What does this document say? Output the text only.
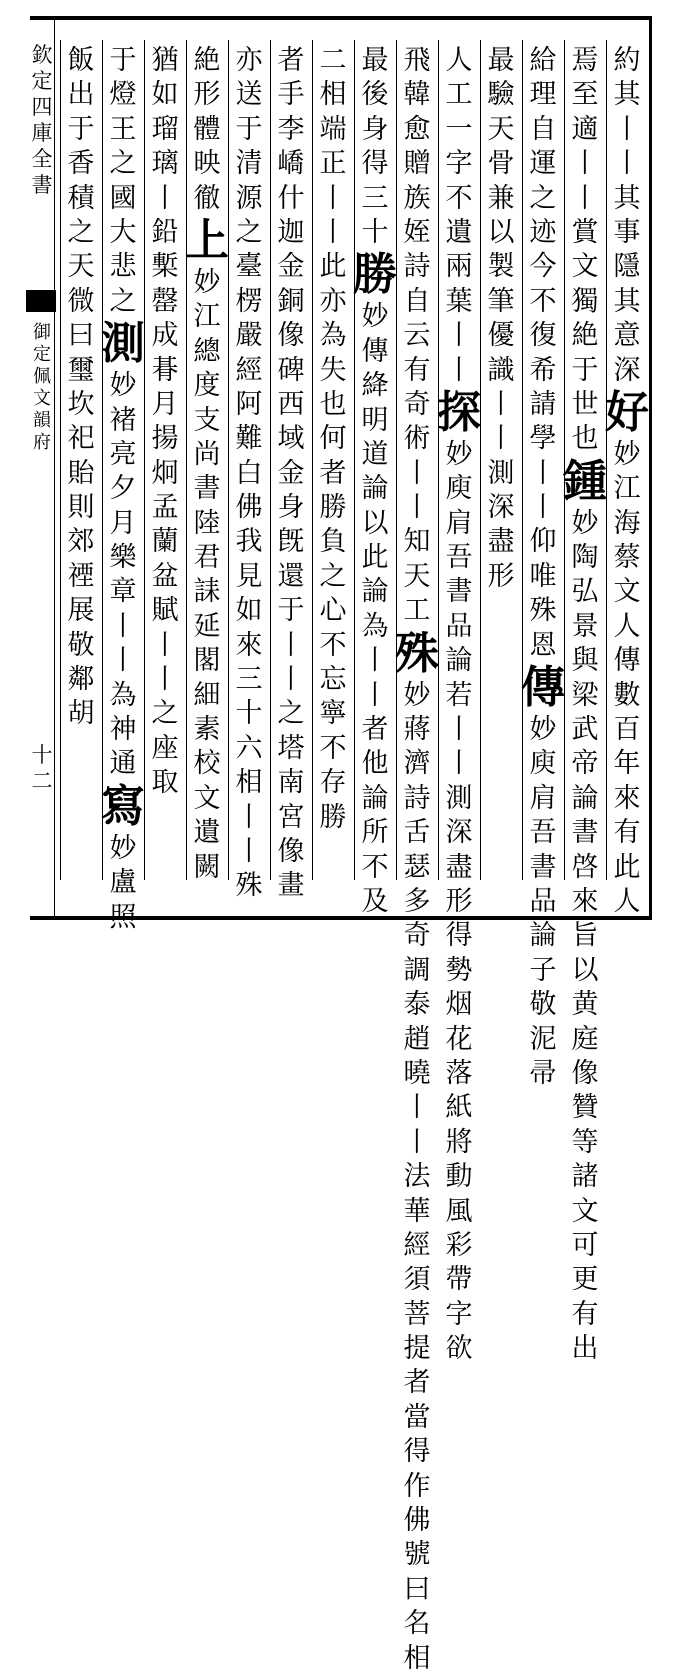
欽
定
四
庫
全
書
御
定
佩
文
韻
府
十
二
約
其
丨
丨
其
事
隱
其
意
深
好
妙
江
海
蔡
文
人
傳
數
百
年
來
有
此
人
焉
至
適
丨
丨
賞
文
獨
絶
于
世
也
鍾
妙
陶
弘
景
與
梁
武
帝
論
書
啓
來
旨
以
黄
庭
像
贊
等
諸
文
可
更
有
出
給
理
自
運
之
迹
今
不
復
希
請
學
丨
丨
仰
唯
殊
恩
傳
妙
庾
肩
吾
書
品
論
子
敬
泥
帚
最
驗
天
骨
兼
以
製
筆
優
識
丨
丨
測
深
盡
形
人
工
一
字
不
遺
兩
葉
丨
丨
探
妙
庾
肩
吾
書
品
論
若
丨
丨
測
深
盡
形
得
勢
烟
花
落
紙
將
動
風
彩
帶
字
欲
飛
韓
愈
贈
族
姪
詩
自
云
有
奇
術
丨
丨
知
天
工
殊
妙
蔣
濟
詩
舌
瑟
多
奇
調
泰
趙
曉
丨
丨
法
華
經
須
菩
提
者
當
得
作
佛
號
曰
名
相
最
後
身
得
三
十
勝
妙
傳
絳
明
道
論
以
此
論
為
丨
丨
者
他
論
所
不
及
二
相
端
正
丨
丨
此
亦
為
失
也
何
者
勝
負
之
心
不
忘
寧
不
存
勝
者
手
李
嶠
什
迦
金
銅
像
碑
西
域
金
身
旣
還
于
丨
丨
之
塔
南
宮
像
畫
亦
送
于
清
源
之
臺
楞
嚴
經
阿
難
白
佛
我
見
如
來
三
十
六
相
丨
丨
殊
絶
形
體
映
徹
上
妙
江
總
度
支
尚
書
陸
君
誄
延
閣
細
素
校
文
遺
闕
猶
如
瑠
璃
丨
鉛
槧
罄
成
朞
月
揚
炯
孟
蘭
盆
賦
丨
丨
之
座
取
于
燈
王
之
國
大
悲
之
測
妙
褚
亮
夕
月
樂
章
丨
丨
為
神
通
寫
妙
盧
照
飯
出
于
香
積
之
天
微
曰
璽
坎
祀
貽
則
郊
禋
展
敬
鄰
胡
